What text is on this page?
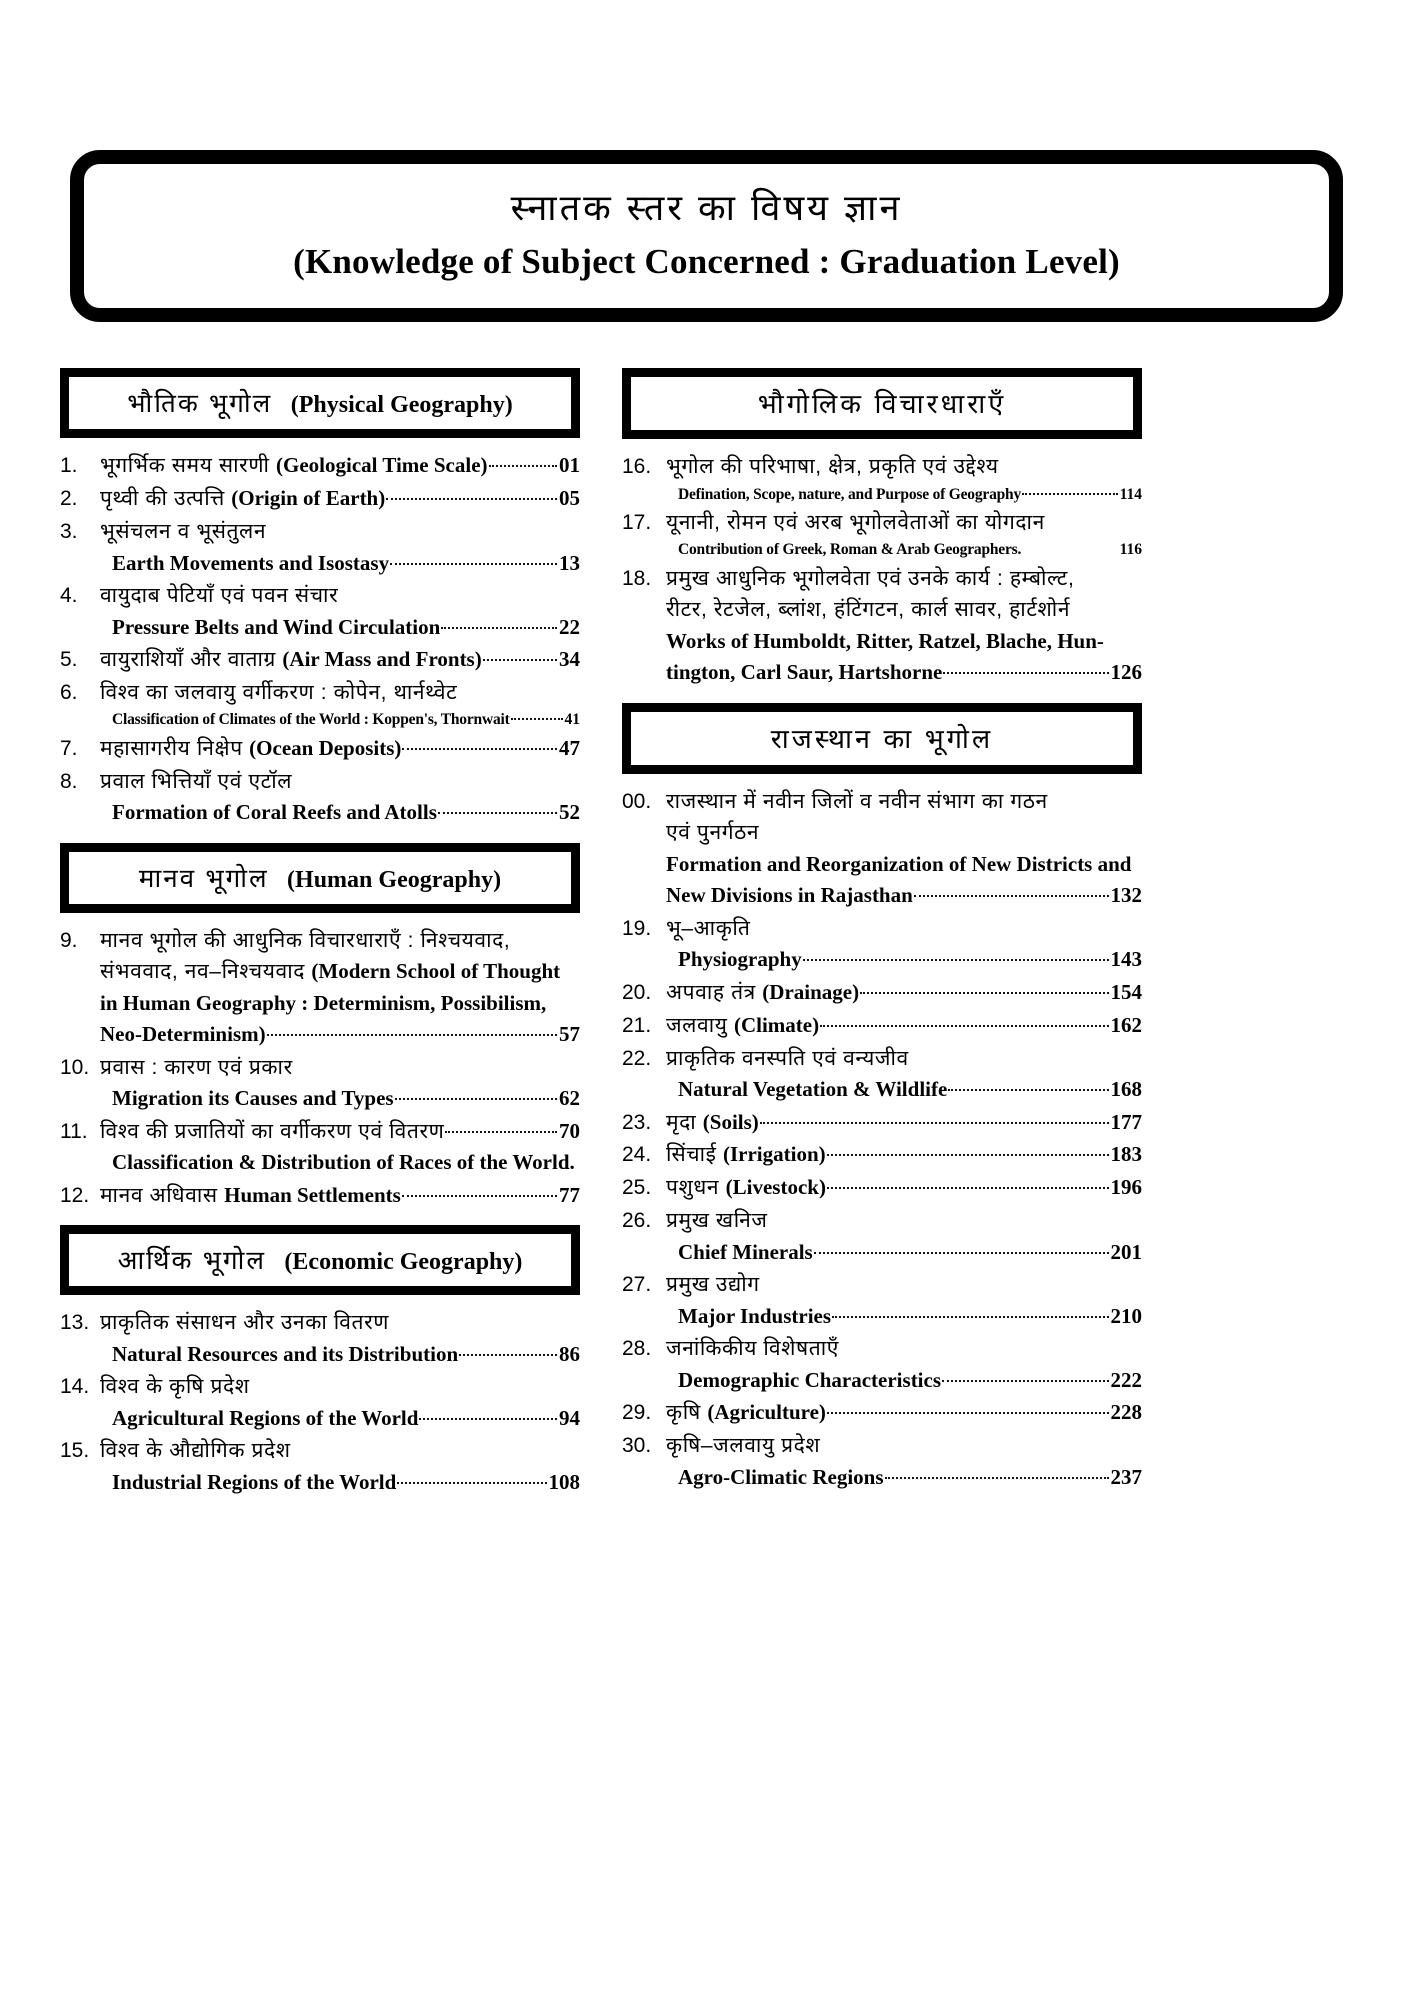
स्नातक स्तर का विषय ज्ञान
(Knowledge of Subject Concerned : Graduation Level)
भौतिक भूगोल  (Physical Geography)
1.	भूगर्भिक समय सारणी (Geological Time Scale)	01
2.	पृथ्वी की उत्पत्ति (Origin of Earth)	05
3.	भूसंचलन व भूसंतुलन
Earth Movements and Isostasy	13
4.	वायुदाब पेटियाँ एवं पवन संचार
Pressure Belts and Wind Circulation	22
5.	वायुराशियाँ और वाताग्र (Air Mass and Fronts)	34
6.	विश्व का जलवायु वर्गीकरण : कोपेन, थार्नथ्वेट
Classification of Climates of the World : Koppen's, Thornwait	41
7.	महासागरीय निक्षेप (Ocean Deposits)	47
8.	प्रवाल भित्तियाँ एवं एटॉल
Formation of Coral Reefs and Atolls	52
मानव भूगोल  (Human Geography)
9.	मानव भूगोल की आधुनिक विचारधाराएँ : निश्चयवाद,
संभववाद, नव–निश्चयवाद (Modern School of Thought
in Human Geography : Determinism, Possibilism,
Neo-Determinism)	57
10. प्रवास : कारण एवं प्रकार
Migration its Causes and Types	62
11. विश्व की प्रजातियों का वर्गीकरण एवं वितरण	70
Classification & Distribution of Races of the World.
12. मानव अधिवास Human Settlements	77
आर्थिक भूगोल  (Economic Geography)
13. प्राकृतिक संसाधन और उनका वितरण
Natural Resources and its Distribution	86
14. विश्व के कृषि प्रदेश
Agricultural Regions of the World	94
15. विश्व के औद्योगिक प्रदेश
Industrial Regions of the World	108
भौगोलिक विचारधाराएँ
16. भूगोल की परिभाषा, क्षेत्र, प्रकृति एवं उद्देश्य
Defination, Scope, nature, and Purpose of Geography	114
17. यूनानी, रोमन एवं अरब भूगोलवेताओं का योगदान
Contribution of Greek, Roman & Arab Geographers.	116
18. प्रमुख आधुनिक भूगोलवेता एवं उनके कार्य : हम्बोल्ट,
रीटर, रेटजेल, ब्लांश, हंटिंगटन, कार्ल सावर, हार्टशोर्न
Works of Humboldt, Ritter, Ratzel, Blache, Hun-
tington, Carl Saur, Hartshorne	126
राजस्थान का भूगोल
00. राजस्थान में नवीन जिलों व नवीन संभाग का गठन
एवं पुनर्गठन
Formation and Reorganization of New Districts and
New Divisions in Rajasthan	132
19. भू–आकृति
Physiography	143
20. अपवाह तंत्र (Drainage)	154
21. जलवायु (Climate)	162
22. प्राकृतिक वनस्पति एवं वन्यजीव
Natural Vegetation & Wildlife	168
23. मृदा (Soils)	177
24. सिंचाई (Irrigation)	183
25. पशुधन (Livestock)	196
26. प्रमुख खनिज
Chief Minerals	201
27. प्रमुख उद्योग
Major Industries	210
28. जनांकिकीय विशेषताएँ
Demographic Characteristics	222
29. कृषि (Agriculture)	228
30. कृषि–जलवायु प्रदेश
Agro-Climatic Regions	237
